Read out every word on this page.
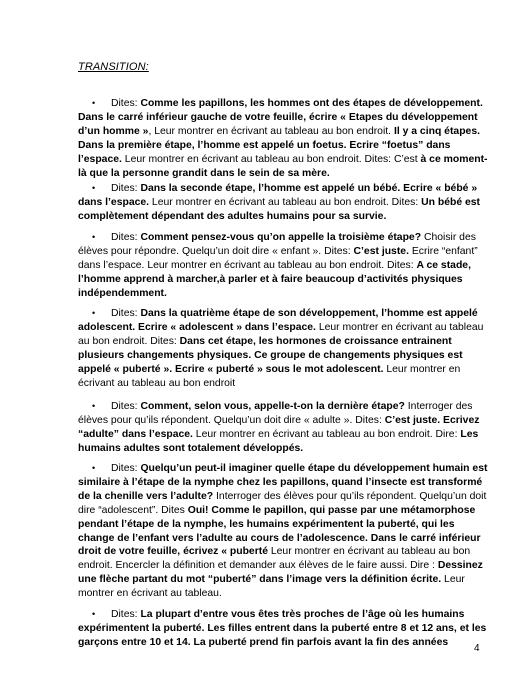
TRANSITION:
• Dites: Comme les papillons, les hommes ont des étapes de développement. Dans le carré inférieur gauche de votre feuille, écrire « Etapes du développement d’un homme », Leur montrer en écrivant au tableau au bon endroit. Il y a cinq étapes. Dans la première étape, l’homme est appelé un foetus. Ecrire “foetus” dans l’espace. Leur montrer en écrivant au tableau au bon endroit. Dites: C’est à ce moment- là que la personne grandit dans le sein de sa mère.
• Dites: Dans la seconde étape, l’homme est appelé un bébé. Ecrire « bébé » dans l’espace. Leur montrer en écrivant au tableau au bon endroit. Dites: Un bébé est complètement dépendant des adultes humains pour sa survie.
• Dites: Comment pensez-vous qu’on appelle la troisième étape? Choisir des élèves pour répondre. Quelqu’un doit dire « enfant ». Dites: C’est juste. Ecrire “enfant” dans l’espace. Leur montrer en écrivant au tableau au bon endroit. Dites: A ce stade, l’homme apprend à marcher,à parler et à faire beaucoup d’activités physiques indépendemment.
• Dites: Dans la quatrième étape de son développement, l’homme est appelé adolescent. Ecrire « adolescent » dans l’espace. Leur montrer en écrivant au tableau au bon endroit. Dites: Dans cet étape, les hormones de croissance entrainent plusieurs changements physiques. Ce groupe de changements physiques est appelé « puberté ». Ecrire « puberté » sous le mot adolescent. Leur montrer en écrivant au tableau au bon endroit
• Dites: Comment, selon vous, appelle-t-on la dernière étape? Interroger des élèves pour qu’ils répondent. Quelqu’un doit dire « adulte ». Dites: C’est juste. Ecrivez “adulte” dans l’espace. Leur montrer en écrivant au tableau au bon endroit. Dire: Les humains adultes sont totalement développés.
• Dites: Quelqu’un peut-il imaginer quelle étape du développement humain est similaire à l’étape de la nymphe chez les papillons, quand l’insecte est transformé de la chenille vers l’adulte? Interroger des élèves pour qu’ils répondent. Quelqu’un doit dire “adolescent”. Dites Oui! Comme le papillon, qui passe par une métamorphose pendant l’étape de la nymphe, les humains expérimentent la puberté, qui les change de l’enfant vers l’adulte au cours de l’adolescence. Dans le carré inférieur droit de votre feuille, écrivez « puberté Leur montrer en écrivant au tableau au bon endroit. Encercler la définition et demander aux élèves de le faire aussi. Dire : Dessinez une flèche partant du mot “puberté” dans l’image vers la définition écrite. Leur montrer en écrivant au tableau.
• Dites: La plupart d’entre vous êtes très proches de l’âge où les humains expérimentent la puberté. Les filles entrent dans la puberté entre 8 et 12 ans, et les garçons entre 10 et 14. La puberté prend fin parfois avant la fin des années
4
